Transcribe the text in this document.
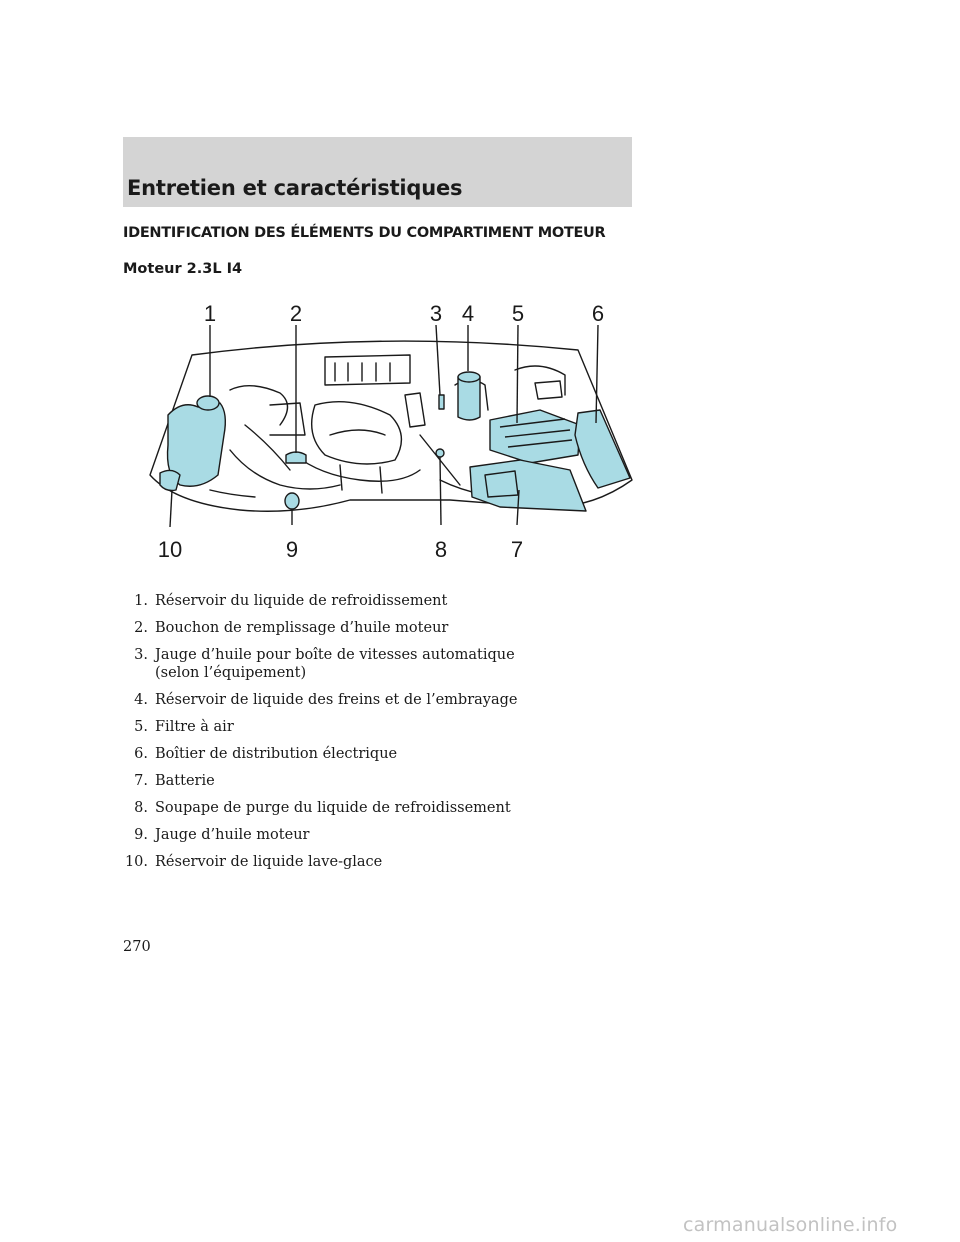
Entretien et caractéristiques
IDENTIFICATION DES ÉLÉMENTS DU COMPARTIMENT MOTEUR
Moteur 2.3L I4
1	2	3 4 5	6
7
8
9
10
1. Réservoir du liquide de refroidissement
2. Bouchon de remplissage d’huile moteur
3. Jauge d’huile pour boîte de vitesses automatique (selon l’équipement)
4. Réservoir de liquide des freins et de l’embrayage
5. Filtre à air
6. Boîtier de distribution électrique
7. Batterie
8. Soupape de purge du liquide de refroidissement
9. Jauge d’huile moteur
10. Réservoir de liquide lave-glace
270
carmanualsonline.info
